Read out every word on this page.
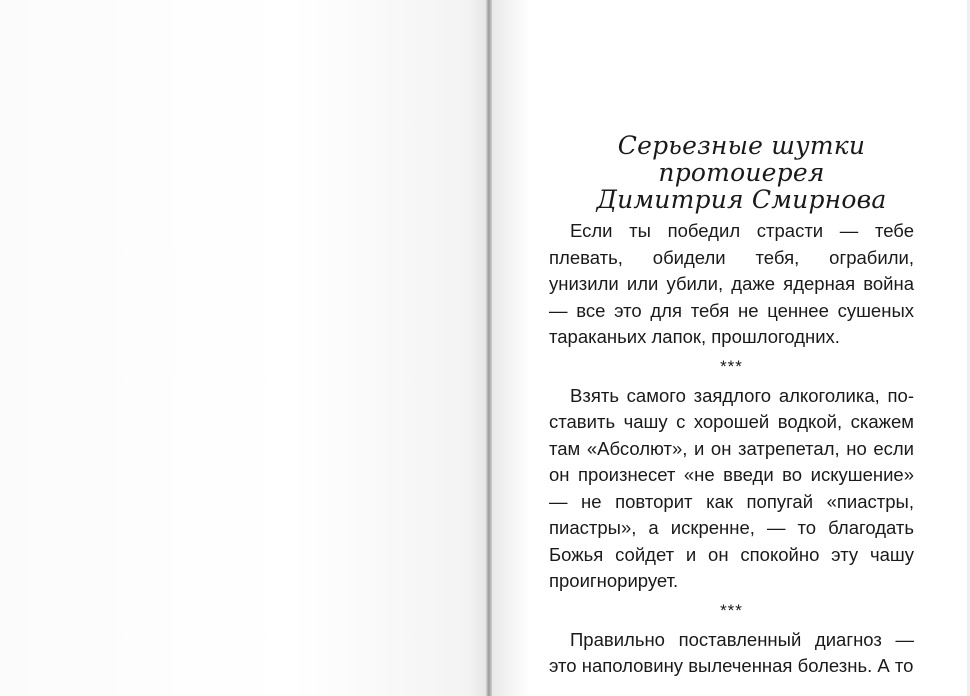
Серьезные шутки
протоиерея
Димитрия Смирнова

Если ты победил страсти — тебе плевать, обидели тебя, ограбили, унизили или убили, даже ядерная война — все это для тебя не ценнее сушеных тараканьих лапок, прошлогодних.

***

Взять самого заядлого алкоголика, поставить чашу с хорошей водкой, скажем там «Абсолют», и он затрепетал, но если он произнесет «не введи во искушение» — не повторит как попугай «пиастры, пиастры», а искренне, — то благодать Божья сойдет и он спокойно эту чашу проигнорирует.

***

Правильно поставленный диагноз — это наполовину вылеченная болезнь. А то
